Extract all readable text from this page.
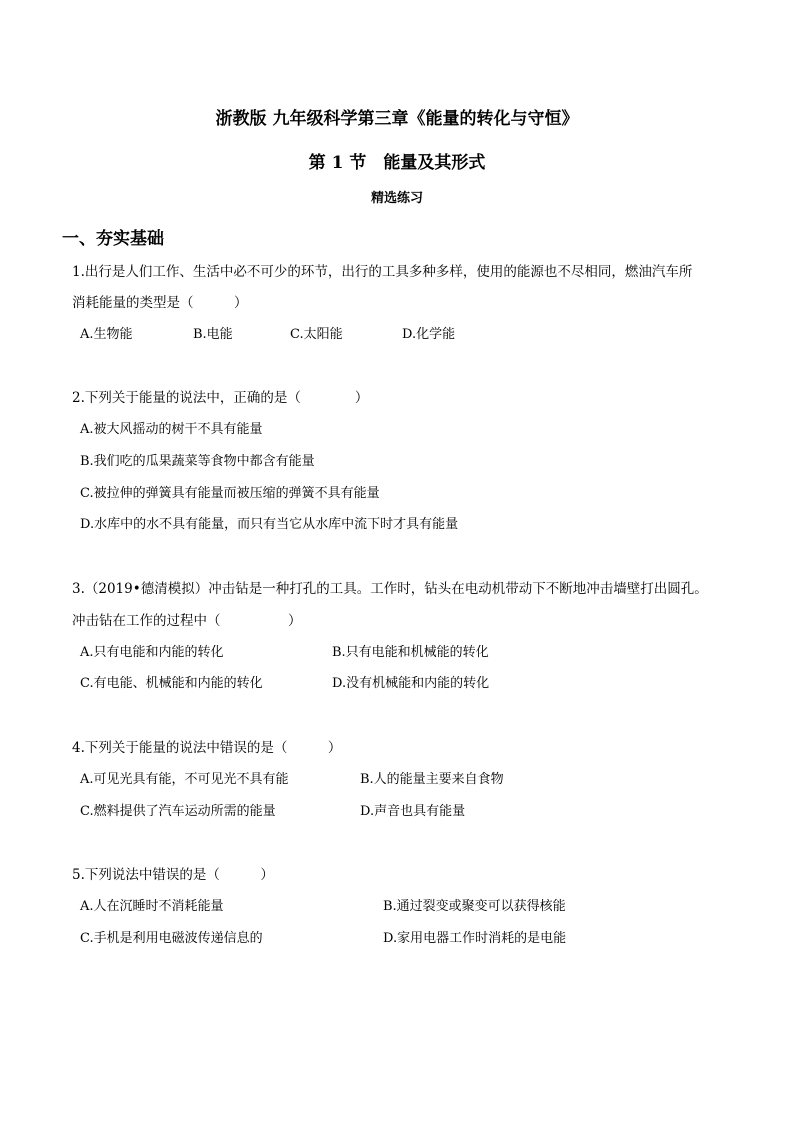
浙教版 九年级科学第三章《能量的转化与守恒》
第 1 节　能量及其形式
精选练习
一、夯实基础
1.出行是人们工作、生活中必不可少的环节，出行的工具多种多样，使用的能源也不尽相同，燃油汽车所
消耗能量的类型是（　　　）
A.生物能	B.电能	C.太阳能	D.化学能
2.下列关于能量的说法中，正确的是（　　　　）
A.被大风摇动的树干不具有能量
B.我们吃的瓜果蔬菜等食物中都含有能量
C.被拉伸的弹簧具有能量而被压缩的弹簧不具有能量
D.水库中的水不具有能量，而只有当它从水库中流下时才具有能量
3.（2019•德清模拟）冲击钻是一种打孔的工具。工作时，钻头在电动机带动下不断地冲击墙壁打出圆孔。
冲击钻在工作的过程中（　　　　　）
A.只有电能和内能的转化	B.只有电能和机械能的转化
C.有电能、机械能和内能的转化	D.没有机械能和内能的转化
4.下列关于能量的说法中错误的是（　　　）
A.可见光具有能，不可见光不具有能	B.人的能量主要来自食物
C.燃料提供了汽车运动所需的能量	D.声音也具有能量
5.下列说法中错误的是（　　　）
A.人在沉睡时不消耗能量	B.通过裂变或聚变可以获得核能
C.手机是利用电磁波传递信息的	D.家用电器工作时消耗的是电能
